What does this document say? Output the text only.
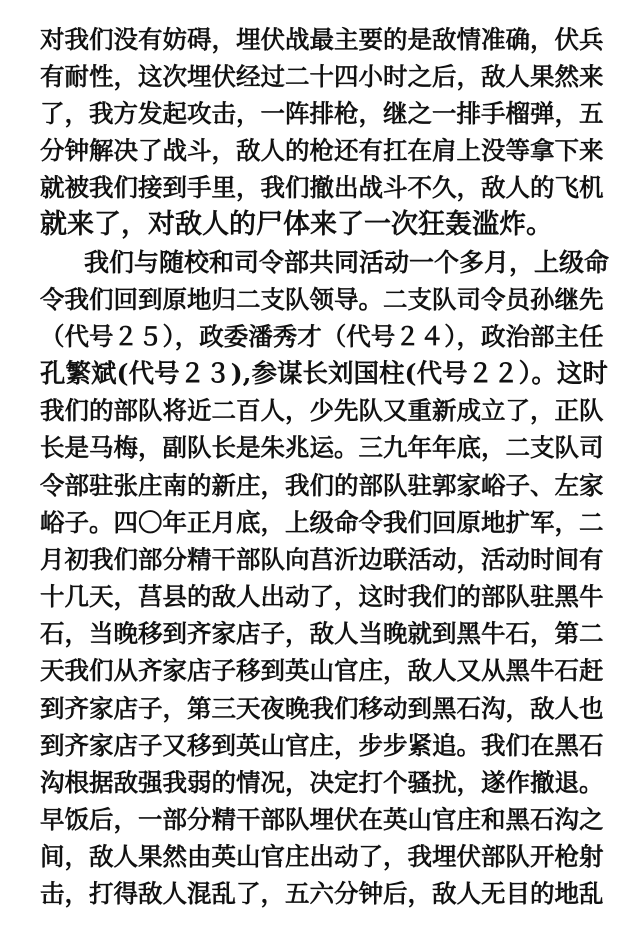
对我们没有妨碍，埋伏战最主要的是敌情准确，伏兵
有耐性，这次埋伏经过二十四小时之后，敌人果然来
了，我方发起攻击，一阵排枪，继之一排手榴弹，五
分钟解决了战斗，敌人的枪还有扛在肩上没等拿下来
就被我们接到手里，我们撤出战斗不久，敌人的飞机
就来了，对敌人的尸体来了一次狂轰滥炸。
我们与随校和司令部共同活动一个多月，上级命
令我们回到原地归二支队领导。二支队司令员孙继先
（代号２５），政委潘秀才（代号２４），政治部主任
孔繁斌(代号２３),参谋长刘国柱(代号２２）。这时
我们的部队将近二百人，少先队又重新成立了，正队
长是马梅，副队长是朱兆运。三九年年底，二支队司
令部驻张庄南的新庄，我们的部队驻郭家峪子、左家
峪子。四〇年正月底，上级命令我们回原地扩军，二
月初我们部分精干部队向莒沂边联活动，活动时间有
十几天，莒县的敌人出动了，这时我们的部队驻黑牛
石，当晚移到齐家店子，敌人当晚就到黑牛石，第二
天我们从齐家店子移到英山官庄，敌人又从黑牛石赶
到齐家店子，第三天夜晚我们移动到黑石沟，敌人也
到齐家店子又移到英山官庄，步步紧追。我们在黑石
沟根据敌强我弱的情况，决定打个骚扰，遂作撤退。
早饭后，一部分精干部队埋伏在英山官庄和黑石沟之
间，敌人果然由英山官庄出动了，我埋伏部队开枪射
击，打得敌人混乱了，五六分钟后，敌人无目的地乱
